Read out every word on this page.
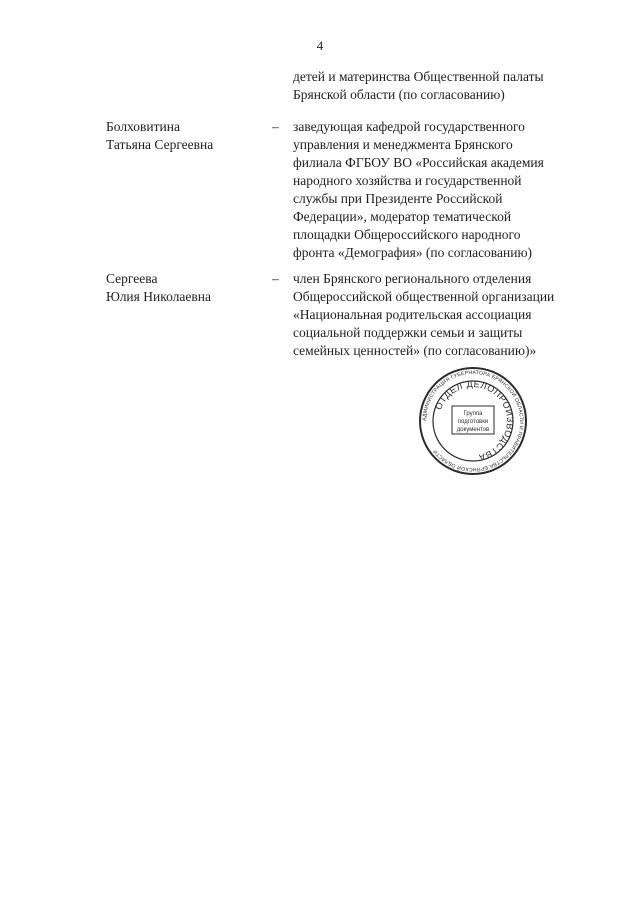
4
детей и материнства Общественной палаты
Брянской области (по согласованию)
Болховитина
Татьяна Сергеевна
– заведующая кафедрой государственного
управления и менеджмента Брянского
филиала ФГБОУ ВО «Российская академия
народного хозяйства и государственной
службы при Президенте Российской
Федерации», модератор тематической
площадки Общероссийского народного
фронта «Демография» (по согласованию)
Сергеева
Юлия Николаевна
– член Брянского регионального отделения
Общероссийской общественной организации
«Национальная родительская ассоциация
социальной поддержки семьи и защиты
семейных ценностей» (по согласованию)»
АДМИНИСТРАЦИЯ ГУБЕРНАТОРА БРЯНСКОЙ ОБЛАСТИ И ПРАВИТЕЛЬСТВА БРЯНСКОЙ ОБЛАСТИ
ОТДЕЛ ДЕЛОПРОИЗВОДСТВА
Группа
подготовки
документов
